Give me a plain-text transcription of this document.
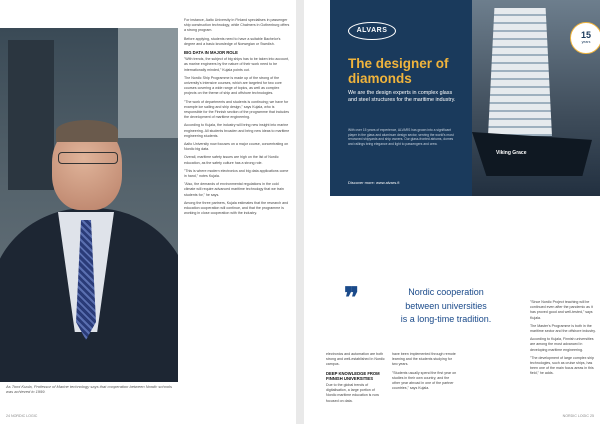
As Tomi Kuola, Professor of Marine technology says that cooperation between Nordic schools was achieved in 1999.

For instance, Aalto University in Finland specialises in passenger ship construction technology, while Chalmers in Gothenburg offers a strong program.

Before applying, students need to have a suitable Bachelor's degree and a basic knowledge of Norwegian or Swedish.

BIG DATA IN MAJOR ROLE

"With trends, the subject of big ships has to be taken into account, as marine engineers by the nature of their work need to be internationally minded," Kujala points out.

The Nordic Ship Programme is made up of the strong of the university's intensive courses, which are targeted for two core courses covering a wide range of topics, as well as complex projects on the theme of ship and offshore technologies.

"The work of departments and students is continuing; we have for example ice sailing and ship design," says Kujala, who is responsible for the Finnish section of the programme that includes the development of maritime engineering.

According to Kujala, the industry will bring new insight into marine engineering. All students broaden and bring new ideas to maritime engineering students.

Aalto University now focuses on a major course, concentrating on Nordic big data.

Overall, maritime safety issues are high on the list of Nordic education, as the safety culture has a strong role.

"This is where modern electronics and big data applications come in hand," notes Kujala.

"Also, the demands of environmental regulations in the cold climate will require advanced maritime technology that we train students for," he says.

Among the three partners, Kujala estimates that the research and education cooperation will continue, and that the programme is working in close cooperation with the industry.

24 NORDIC LOGIC
ALVARS
The designer of diamonds
We are the design experts in complex glass and steel structures for the maritime industry.
With over 15 years of experience, ALVARS has grown into a significant player in the glass and aluminum design sector, serving the world's most renowned shipyards and ship owners. Our glass-fronted atriums, domes and railings bring elegance and light to passengers and crew.
Discover more: www.alvars.fi
Viking Grace
15
years
❞	Nordic cooperation
between universities
is a long-time tradition.

electronics and automation are both strong and well-established in Nordic campus.

DEEP KNOWLEDGE FROM FINNISH UNIVERSITIES

Due to the global trends of digitalisation, a large portion of Nordic maritime education is now focused on data.

have been implemented through remote learning and the students studying for two years.

"Students usually spend the first year on studies in their own country, and the other year abroad in one of the partner countries," says Kujala.

"Since Nordic Project teaching will be continued even after the pandemic as it has proved good and well-tested," says Kujala.

The Master's Programme is both in the maritime sector and the offshore industry.

According to Kujala, Finnish universities are among the most advanced in developing maritime engineering.

"The development of large complex ship technologies, such as cruise ships, has been one of the main focus areas in this field," he adds.

NORDIC LOGIC 25
